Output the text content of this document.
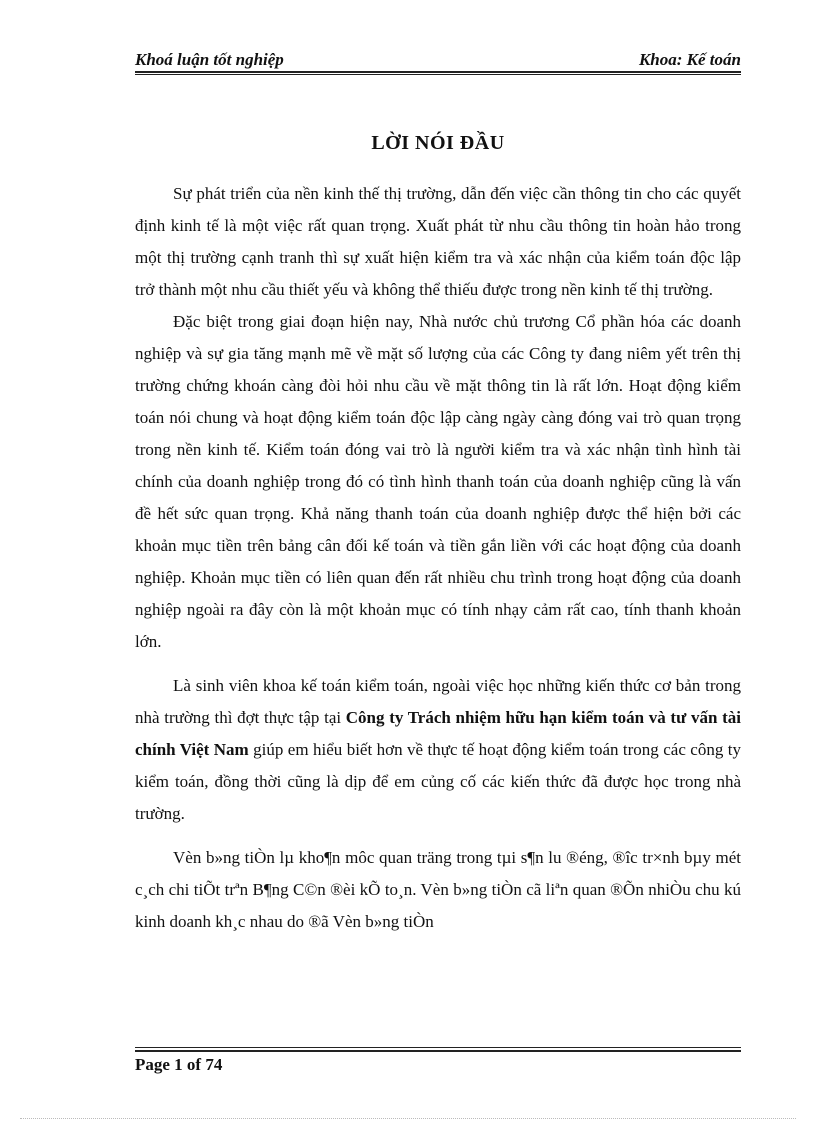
Khoá luận tốt nghiệp	Khoa: Kế toán
LỜI NÓI ĐẦU

Sự phát triển của nền kinh thế thị trường, dẫn đến việc cần thông tin cho các quyết định kinh tế là một việc rất quan trọng. Xuất phát từ nhu cầu thông tin hoàn hảo trong một thị trường cạnh tranh thì sự xuất hiện kiểm tra và xác nhận của kiểm toán độc lập trở thành một nhu cầu thiết yếu và không thể thiếu được trong nền kinh tế thị trường.

Đặc biệt trong giai đoạn hiện nay, Nhà nước chủ trương Cổ phần hóa các doanh nghiệp và sự gia tăng mạnh mẽ về mặt số lượng của các Công ty đang niêm yết trên thị trường chứng khoán càng đòi hỏi nhu cầu về mặt thông tin là rất lớn. Hoạt động kiểm toán nói chung và hoạt động kiểm toán độc lập càng ngày càng đóng vai trò quan trọng trong nền kinh tế. Kiểm toán đóng vai trò là người kiểm tra và xác nhận tình hình tài chính của doanh nghiệp trong đó có tình hình thanh toán của doanh nghiệp cũng là vấn đề hết sức quan trọng. Khả năng thanh toán của doanh nghiệp được thể hiện bởi các khoản mục tiền trên bảng cân đối kế toán và tiền gắn liền với các hoạt động của doanh nghiệp. Khoản mục tiền có liên quan đến rất nhiều chu trình trong hoạt động của doanh nghiệp ngoài ra đây còn là một khoản mục có tính nhạy cảm rất cao, tính thanh khoản lớn.

Là sinh viên khoa kế toán kiểm toán, ngoài việc học những kiến thức cơ bản trong nhà trường thì đợt thực tập tại Công ty Trách nhiệm hữu hạn kiểm toán và tư vấn tài chính Việt Nam giúp em hiểu biết hơn về thực tế hoạt động kiểm toán trong các công ty kiểm toán, đồng thời cũng là dịp để em củng cố các kiến thức đã được học trong nhà trường.

Vèn b»ng tiÒn lµ kho¶n môc quan träng trong tµi s¶n lu ®éng, ®îc tr×nh bµy mét c¸ch chi tiÕt trªn B¶ng C©n ®èi kÕ to¸n. Vèn b»ng tiÒn cã liªn quan ®Õn nhiÒu chu kú kinh doanh kh¸c nhau do ®ã Vèn b»ng tiÒn

Page 1 of 74
